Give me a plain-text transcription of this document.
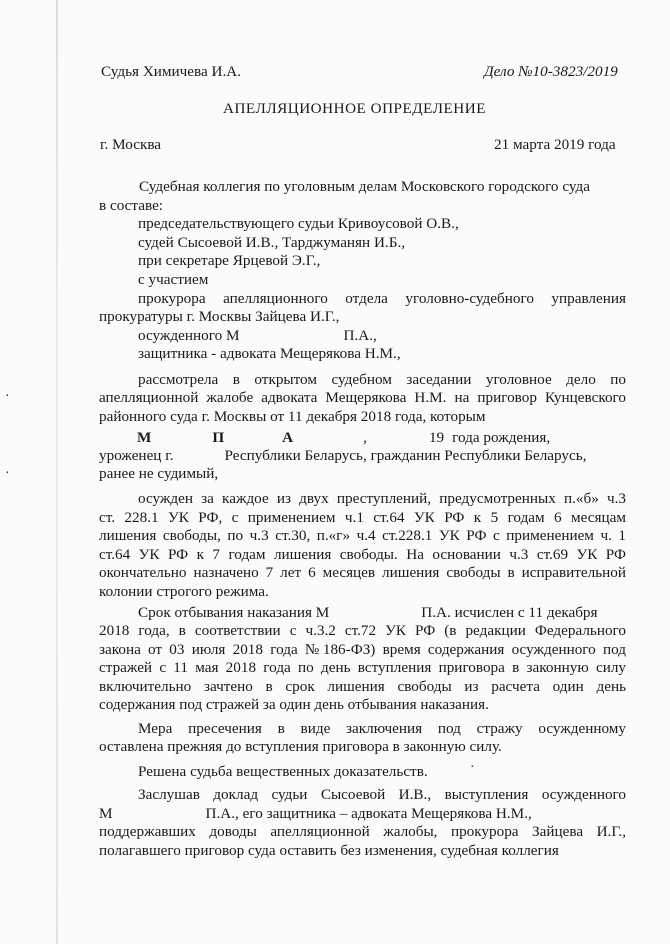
Судья Химичева И.А.	Дело №10-3823/2019
АПЕЛЛЯЦИОННОЕ ОПРЕДЕЛЕНИЕ
г. Москва	21 марта 2019 года
Судебная коллегия по уголовным делам Московского городского суда
в составе:
председательствующего судьи Кривоусовой О.В.,
судей Сысоевой И.В., Тарджуманян И.Б.,
при секретаре Ярцевой Э.Г.,
с участием
прокурора апелляционного отдела уголовно-судебного управления
прокуратуры г. Москвы Зайцева И.Г.,
осужденного М	П.А.,
защитника - адвоката Мещерякова Н.М.,
рассмотрела в открытом судебном заседании уголовное дело по
апелляционной жалобе адвоката Мещерякова Н.М. на приговор Кунцевского
районного суда г. Москвы от 11 декабря 2018 года, которым
М	П	А	,	19 года рождения,
уроженец г.	Республики Беларусь, гражданин Республики Беларусь,
ранее не судимый,
осужден за каждое из двух преступлений, предусмотренных п.«б» ч.3
ст. 228.1 УК РФ, с применением ч.1 ст.64 УК РФ к 5 годам 6 месяцам
лишения свободы, по ч.3 ст.30, п.«г» ч.4 ст.228.1 УК РФ с применением ч. 1
ст.64 УК РФ к 7 годам лишения свободы. На основании ч.3 ст.69 УК РФ
окончательно назначено 7 лет 6 месяцев лишения свободы в исправительной
колонии строгого режима.
Срок отбывания наказания М	П.А. исчислен с 11 декабря
2018 года, в соответствии с ч.3.2 ст.72 УК РФ (в редакции Федерального
закона от 03 июля 2018 года №186-ФЗ) время содержания осужденного под
стражей с 11 мая 2018 года по день вступления приговора в законную силу
включительно зачтено в срок лишения свободы из расчета один день
содержания под стражей за один день отбывания наказания.
Мера пресечения в виде заключения под стражу осужденному
оставлена прежняя до вступления приговора в законную силу.
Решена судьба вещественных доказательств.
Заслушав доклад судьи Сысоевой И.В., выступления осужденного
М	П.А., его защитника – адвоката Мещерякова Н.М.,
поддержавших доводы апелляционной жалобы, прокурора Зайцева И.Г.,
полагавшего приговор суда оставить без изменения, судебная коллегия
·
·
·
